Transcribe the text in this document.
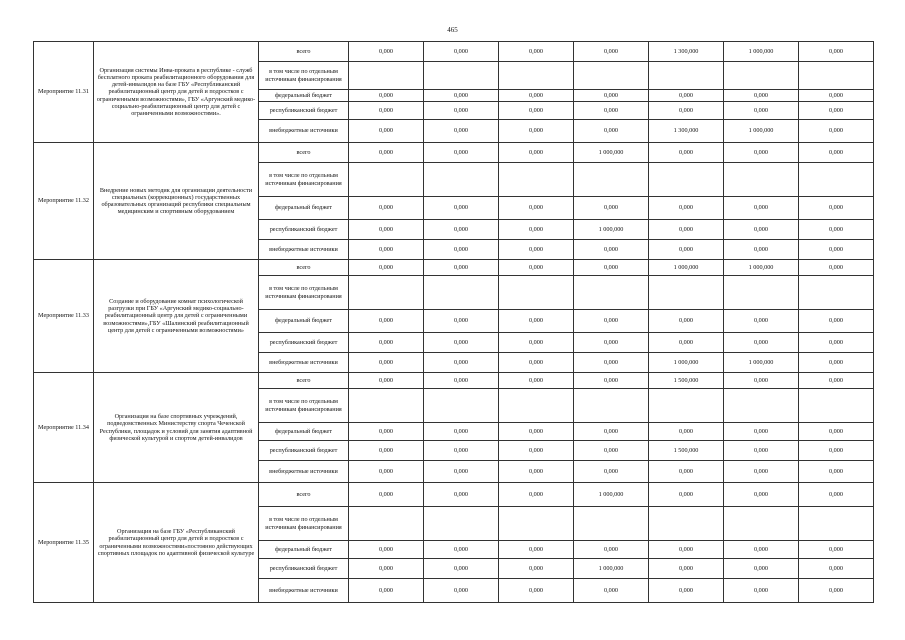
465
Мероприятие 11.31	Организация системы Инва-проката в республике - служб бесплатного проката реабилитационного оборудования для детей-инвалидов на базе ГБУ «Республиканский реабилитационный центр для детей и подростков с ограниченными возможностями», ГБУ «Аргунский медико-социально-реабилитационный центр для детей с ограниченными возможностями».	всего	0,000	0,000	0,000	0,000	1 300,000	1 000,000	0,000
		в том числе по отдельным источникам финансирования							
		федеральный бюджет	0,000	0,000	0,000	0,000	0,000	0,000	0,000
		республиканский бюджет	0,000	0,000	0,000	0,000	0,000	0,000	0,000
		внебюджетные источники	0,000	0,000	0,000	0,000	1 300,000	1 000,000	0,000
Мероприятие 11.32	Внедрение новых методик для организации деятельности специальных (коррекционных) государственных образовательных организаций республики специальным медицинским и спортивным оборудованием	всего	0,000	0,000	0,000	1 000,000	0,000	0,000	0,000
		в том числе по отдельным источникам финансирования							
		федеральный бюджет	0,000	0,000	0,000	0,000	0,000	0,000	0,000
		республиканский бюджет	0,000	0,000	0,000	1 000,000	0,000	0,000	0,000
		внебюджетные источники	0,000	0,000	0,000	0,000	0,000	0,000	0,000
Мероприятие 11.33	Создание и оборудование комнат психологической разгрузки при ГБУ «Аргунский медико-социально-реабилитационный центр для детей с ограниченными возможностями»,ГБУ «Шалинский реабилитационный центр для детей с ограниченными возможностями»	всего	0,000	0,000	0,000	0,000	1 000,000	1 000,000	0,000
		в том числе по отдельным источникам финансирования							
		федеральный бюджет	0,000	0,000	0,000	0,000	0,000	0,000	0,000
		республиканский бюджет	0,000	0,000	0,000	0,000	0,000	0,000	0,000
		внебюджетные источники	0,000	0,000	0,000	0,000	1 000,000	1 000,000	0,000
Мероприятие 11.34	Организация на базе спортивных учреждений, подведомственных Министерству спорта Чеченской Республики, площадок и условий для занятия адаптивной физической культурой и спортом детей-инвалидов	всего	0,000	0,000	0,000	0,000	1 500,000	0,000	0,000
		в том числе по отдельным источникам финансирования							
		федеральный бюджет	0,000	0,000	0,000	0,000	0,000	0,000	0,000
		республиканский бюджет	0,000	0,000	0,000	0,000	1 500,000	0,000	0,000
		внебюджетные источники	0,000	0,000	0,000	0,000	0,000	0,000	0,000
Мероприятие 11.35	Организация на базе ГБУ «Республиканский реабилитационный центр для детей и подростков с ограниченными возможностями»постоянно действующих спортивных площадок по адаптивной физической культуре	всего	0,000	0,000	0,000	1 000,000	0,000	0,000	0,000
		в том числе по отдельным источникам финансирования							
		федеральный бюджет	0,000	0,000	0,000	0,000	0,000	0,000	0,000
		республиканский бюджет	0,000	0,000	0,000	1 000,000	0,000	0,000	0,000
		внебюджетные источники	0,000	0,000	0,000	0,000	0,000	0,000	0,000
